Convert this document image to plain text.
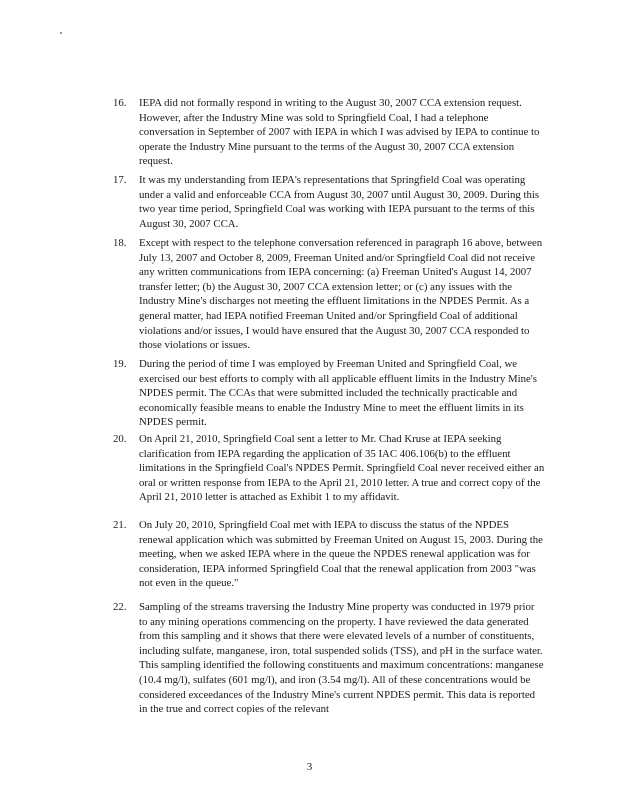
16.	IEPA did not formally respond in writing to the August 30, 2007 CCA extension request. However, after the Industry Mine was sold to Springfield Coal, I had a telephone conversation in September of 2007 with IEPA in which I was advised by IEPA to continue to operate the Industry Mine pursuant to the terms of the August 30, 2007 CCA extension request.
17.	It was my understanding from IEPA's representations that Springfield Coal was operating under a valid and enforceable CCA from August 30, 2007 until August 30, 2009. During this two year time period, Springfield Coal was working with IEPA pursuant to the terms of this August 30, 2007 CCA.
18.	Except with respect to the telephone conversation referenced in paragraph 16 above, between July 13, 2007 and October 8, 2009, Freeman United and/or Springfield Coal did not receive any written communications from IEPA concerning: (a) Freeman United's August 14, 2007 transfer letter; (b) the August 30, 2007 CCA extension letter; or (c) any issues with the Industry Mine's discharges not meeting the effluent limitations in the NPDES Permit. As a general matter, had IEPA notified Freeman United and/or Springfield Coal of additional violations and/or issues, I would have ensured that the August 30, 2007 CCA responded to those violations or issues.
19.	During the period of time I was employed by Freeman United and Springfield Coal, we exercised our best efforts to comply with all applicable effluent limits in the Industry Mine's NPDES permit. The CCAs that were submitted included the technically practicable and economically feasible means to enable the Industry Mine to meet the effluent limits in its NPDES permit.
20.	On April 21, 2010, Springfield Coal sent a letter to Mr. Chad Kruse at IEPA seeking clarification from IEPA regarding the application of 35 IAC 406.106(b) to the effluent limitations in the Springfield Coal's NPDES Permit. Springfield Coal never received either an oral or written response from IEPA to the April 21, 2010 letter. A true and correct copy of the April 21, 2010 letter is attached as Exhibit 1 to my affidavit.
21.	On July 20, 2010, Springfield Coal met with IEPA to discuss the status of the NPDES renewal application which was submitted by Freeman United on August 15, 2003. During the meeting, when we asked IEPA where in the queue the NPDES renewal application was for consideration, IEPA informed Springfield Coal that the renewal application from 2003 "was not even in the queue."
22.	Sampling of the streams traversing the Industry Mine property was conducted in 1979 prior to any mining operations commencing on the property. I have reviewed the data generated from this sampling and it shows that there were elevated levels of a number of constituents, including sulfate, manganese, iron, total suspended solids (TSS), and pH in the surface water. This sampling identified the following constituents and maximum concentrations: manganese (10.4 mg/l), sulfates (601 mg/l), and iron (3.54 mg/l). All of these concentrations would be considered exceedances of the Industry Mine's current NPDES permit. This data is reported in the true and correct copies of the relevant
3
